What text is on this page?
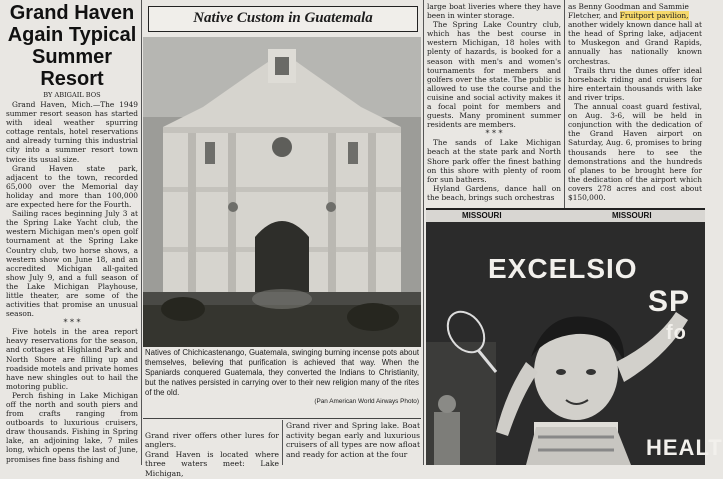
Grand Haven Again Typical Summer Resort
BY ABIGAIL BOS

Grand Haven, Mich.—The 1949 summer resort season has started with ideal weather spurring cottage rentals, hotel reservations and already turning this industrial city into a summer resort town twice its usual size.

Grand Haven state park, adjacent to the town, recorded 65,000 over the Memorial day holiday and more than 100,000 are expected here for the Fourth.

Sailing races beginning July 3 at the Spring Lake Yacht club, the western Michigan men's open golf tournament at the Spring Lake Country club, two horse shows, a western show on June 18, and an accredited Michigan all-gaited show July 9, and a full season of the Lake Michigan Playhouse, little theater, are some of the activities that promise an unusual season.

* * *

Five hotels in the area report heavy reservations for the season, and cottages at Highland Park and North Shore are filling up and roadside motels and private homes have new shingles out to hail the motoring public.

Perch fishing in Lake Michigan off the north and south piers and from crafts ranging from outboards to luxurious cruisers, draw thousands. Fishing in Spring lake, an adjoining lake, 7 miles long, which opens the last of June, promises fine bass fishing and

Native Custom in Guatemala
Natives of Chichicastenango, Guatemala, swinging burning incense pots about themselves, believing that purification is achieved that way. When the Spaniards conquered Guatemala, they converted the Indians to Christianity, but the natives persisted in carrying over to their new religion many of the rites of the old.
(Pan American World Airways Photo)

Grand river offers other lures for anglers.
Grand Haven is located where three waters meet: Lake Michigan,

Grand river and Spring lake. Boat activity began early and luxurious cruisers of all types are now afloat and ready for action at the four

large boat liveries where they have been in winter storage.

The Spring Lake Country club, which has the best course in western Michigan, 18 holes with plenty of hazards, is booked for a season with men's and women's tournaments for members and golfers over the state. The public is allowed to use the course and the cuisine and social activity makes it a focal point for members and guests. Many prominent summer residents are members.

* * *

The sands of Lake Michigan beach at the state park and North Shore park offer the finest bathing on this shore with plenty of room for sun bathers.

Hyland Gardens, dance hall on the beach, brings such orchestras

as Benny Goodman and Sammie

Fletcher, and Fruitport pavilion,

another widely known dance hall at the head of Spring lake, adjacent to Muskegon and Grand Rapids, annually has nationally known orchestras.

Trails thru the dunes offer ideal horseback riding and cruisers for hire entertain thousands with lake and river trips.

The annual coast guard festival, on Aug. 3-6, will be held in conjunction with the dedication of the Grand Haven airport on Saturday, Aug. 6, promises to bring thousands here to see the demonstrations and the hundreds of planes to be brought here for the dedication of the airport which covers 278 acres and cost about $150,000.

MISSOURI	MISSOURI
EXCELSIO
SP
fo
HEALT
